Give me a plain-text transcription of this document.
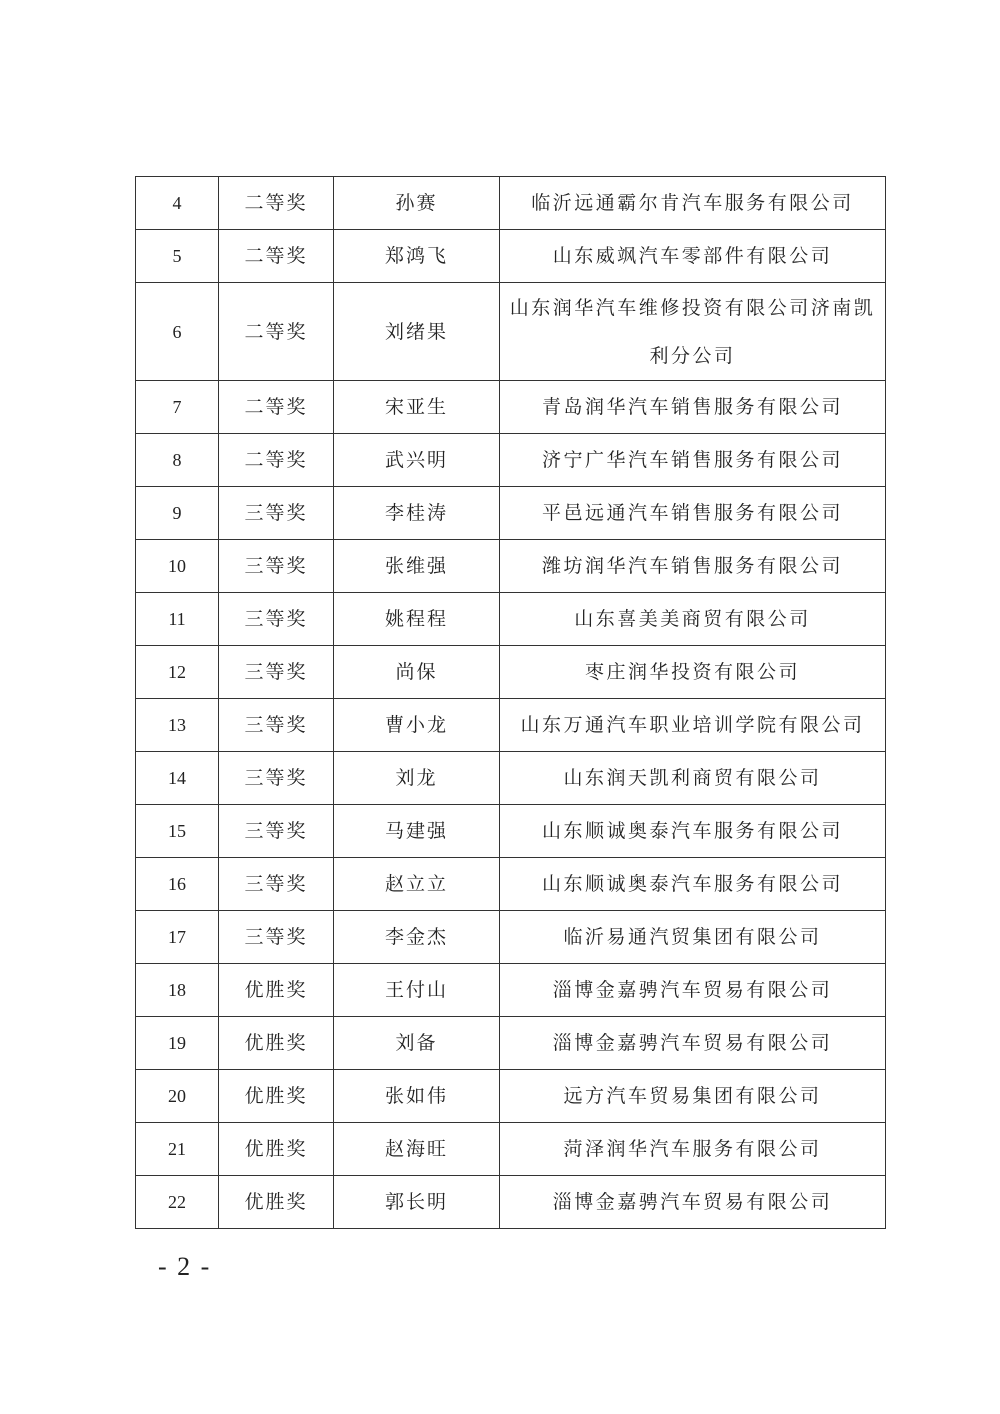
4	二等奖	孙赛	临沂远通霸尔肯汽车服务有限公司
5	二等奖	郑鸿飞	山东威飒汽车零部件有限公司
6	二等奖	刘绪果	山东润华汽车维修投资有限公司济南凯利分公司
7	二等奖	宋亚生	青岛润华汽车销售服务有限公司
8	二等奖	武兴明	济宁广华汽车销售服务有限公司
9	三等奖	李桂涛	平邑远通汽车销售服务有限公司
10	三等奖	张维强	潍坊润华汽车销售服务有限公司
11	三等奖	姚程程	山东喜美美商贸有限公司
12	三等奖	尚保	枣庄润华投资有限公司
13	三等奖	曹小龙	山东万通汽车职业培训学院有限公司
14	三等奖	刘龙	山东润天凯利商贸有限公司
15	三等奖	马建强	山东顺诚奥泰汽车服务有限公司
16	三等奖	赵立立	山东顺诚奥泰汽车服务有限公司
17	三等奖	李金杰	临沂易通汽贸集团有限公司
18	优胜奖	王付山	淄博金嘉骋汽车贸易有限公司
19	优胜奖	刘备	淄博金嘉骋汽车贸易有限公司
20	优胜奖	张如伟	远方汽车贸易集团有限公司
21	优胜奖	赵海旺	菏泽润华汽车服务有限公司
22	优胜奖	郭长明	淄博金嘉骋汽车贸易有限公司
- 2 -
